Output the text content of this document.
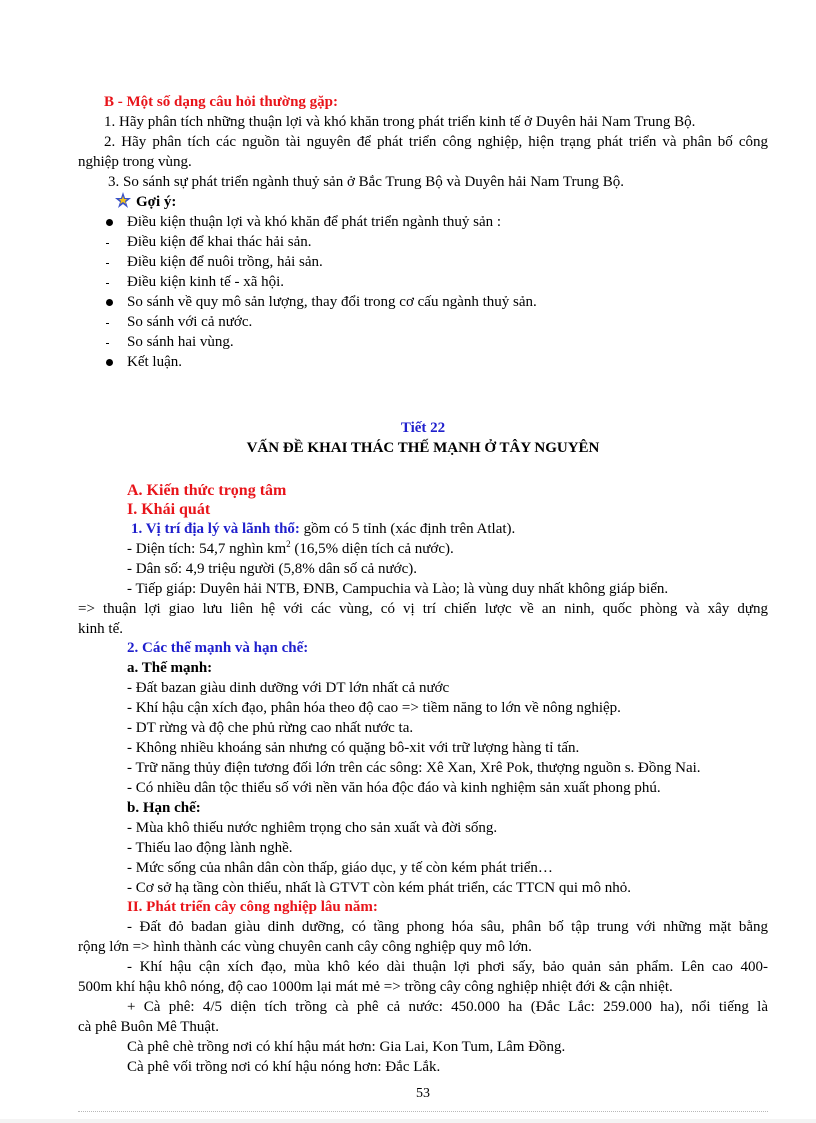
B - Một số dạng câu hỏi thường gặp:
1. Hãy phân tích những thuận lợi và khó khăn trong phát triển kinh tế ở Duyên hải Nam Trung Bộ.
2. Hãy phân tích các nguồn tài nguyên để phát triển công nghiệp, hiện trạng phát triển và phân bố công
nghiệp trong vùng.
3. So sánh sự phát triển ngành thuỷ sản ở Bắc Trung Bộ và Duyên hải Nam Trung Bộ.
Gợi ý:
Điều kiện thuận lợi và khó khăn để phát triển ngành thuỷ sản :
Điều kiện để khai thác hải sản.
Điều kiện để nuôi trồng, hải sản.
Điều kiện kinh tế - xã hội.
So sánh về quy mô sản lượng, thay đổi trong cơ cấu ngành thuỷ sản.
So sánh với cả nước.
So sánh hai vùng.
Kết luận.
Tiết 22
VẤN ĐỀ KHAI THÁC THẾ MẠNH Ở TÂY NGUYÊN
A. Kiến thức trọng tâm
I. Khái quát
1. Vị trí địa lý và lãnh thổ: gồm có 5 tỉnh (xác định trên Atlat).
- Diện tích: 54,7 nghìn $km^2$ (16,5% diện tích cả nước).
- Dân số: 4,9 triệu người (5,8% dân số cả nước).
- Tiếp giáp: Duyên hải NTB, ĐNB, Campuchia và Lào; là vùng duy nhất không giáp biển.
=> thuận lợi giao lưu liên hệ với các vùng, có vị trí chiến lược về an ninh, quốc phòng và xây dựng
kinh tế.
2. Các thế mạnh và hạn chế:
a. Thế mạnh:
- Đất bazan giàu dinh dưỡng với DT lớn nhất cả nước
- Khí hậu cận xích đạo, phân hóa theo độ cao => tiềm năng to lớn về nông nghiệp.
- DT rừng và độ che phủ rừng cao nhất nước ta.
- Không nhiều khoáng sản nhưng có quặng bô-xit với trữ lượng hàng tỉ tấn.
- Trữ năng thủy điện tương đối lớn trên các sông: Xê Xan, Xrê Pok, thượng nguồn s. Đồng Nai.
- Có nhiều dân tộc thiểu số với nền văn hóa độc đáo và kinh nghiệm sản xuất phong phú.
b. Hạn chế:
- Mùa khô thiếu nước nghiêm trọng cho sản xuất và đời sống.
- Thiếu lao động lành nghề.
- Mức sống của nhân dân còn thấp, giáo dục, y tế còn kém phát triển…
- Cơ sở hạ tầng còn thiếu, nhất là GTVT còn kém phát triển, các TTCN qui mô nhỏ.
II. Phát triển cây công nghiệp lâu năm:
- Đất đỏ badan giàu dinh dưỡng, có tầng phong hóa sâu, phân bố tập trung với những mặt bằng
rộng lớn => hình thành các vùng chuyên canh cây công nghiệp quy mô lớn.
- Khí hậu cận xích đạo, mùa khô kéo dài thuận lợi phơi sấy, bảo quản sản phẩm. Lên cao 400-
500m khí hậu khô nóng, độ cao 1000m lại mát mẻ => trồng cây công nghiệp nhiệt đới & cận nhiệt.
+ Cà phê: 4/5 diện tích trồng cà phê cả nước: 450.000 ha (Đắc Lắc: 259.000 ha), nổi tiếng là
cà phê Buôn Mê Thuật.
Cà phê chè trồng nơi có khí hậu mát hơn: Gia Lai, Kon Tum, Lâm Đồng.
Cà phê vối trồng nơi có khí hậu nóng hơn: Đắc Lắk.
53
